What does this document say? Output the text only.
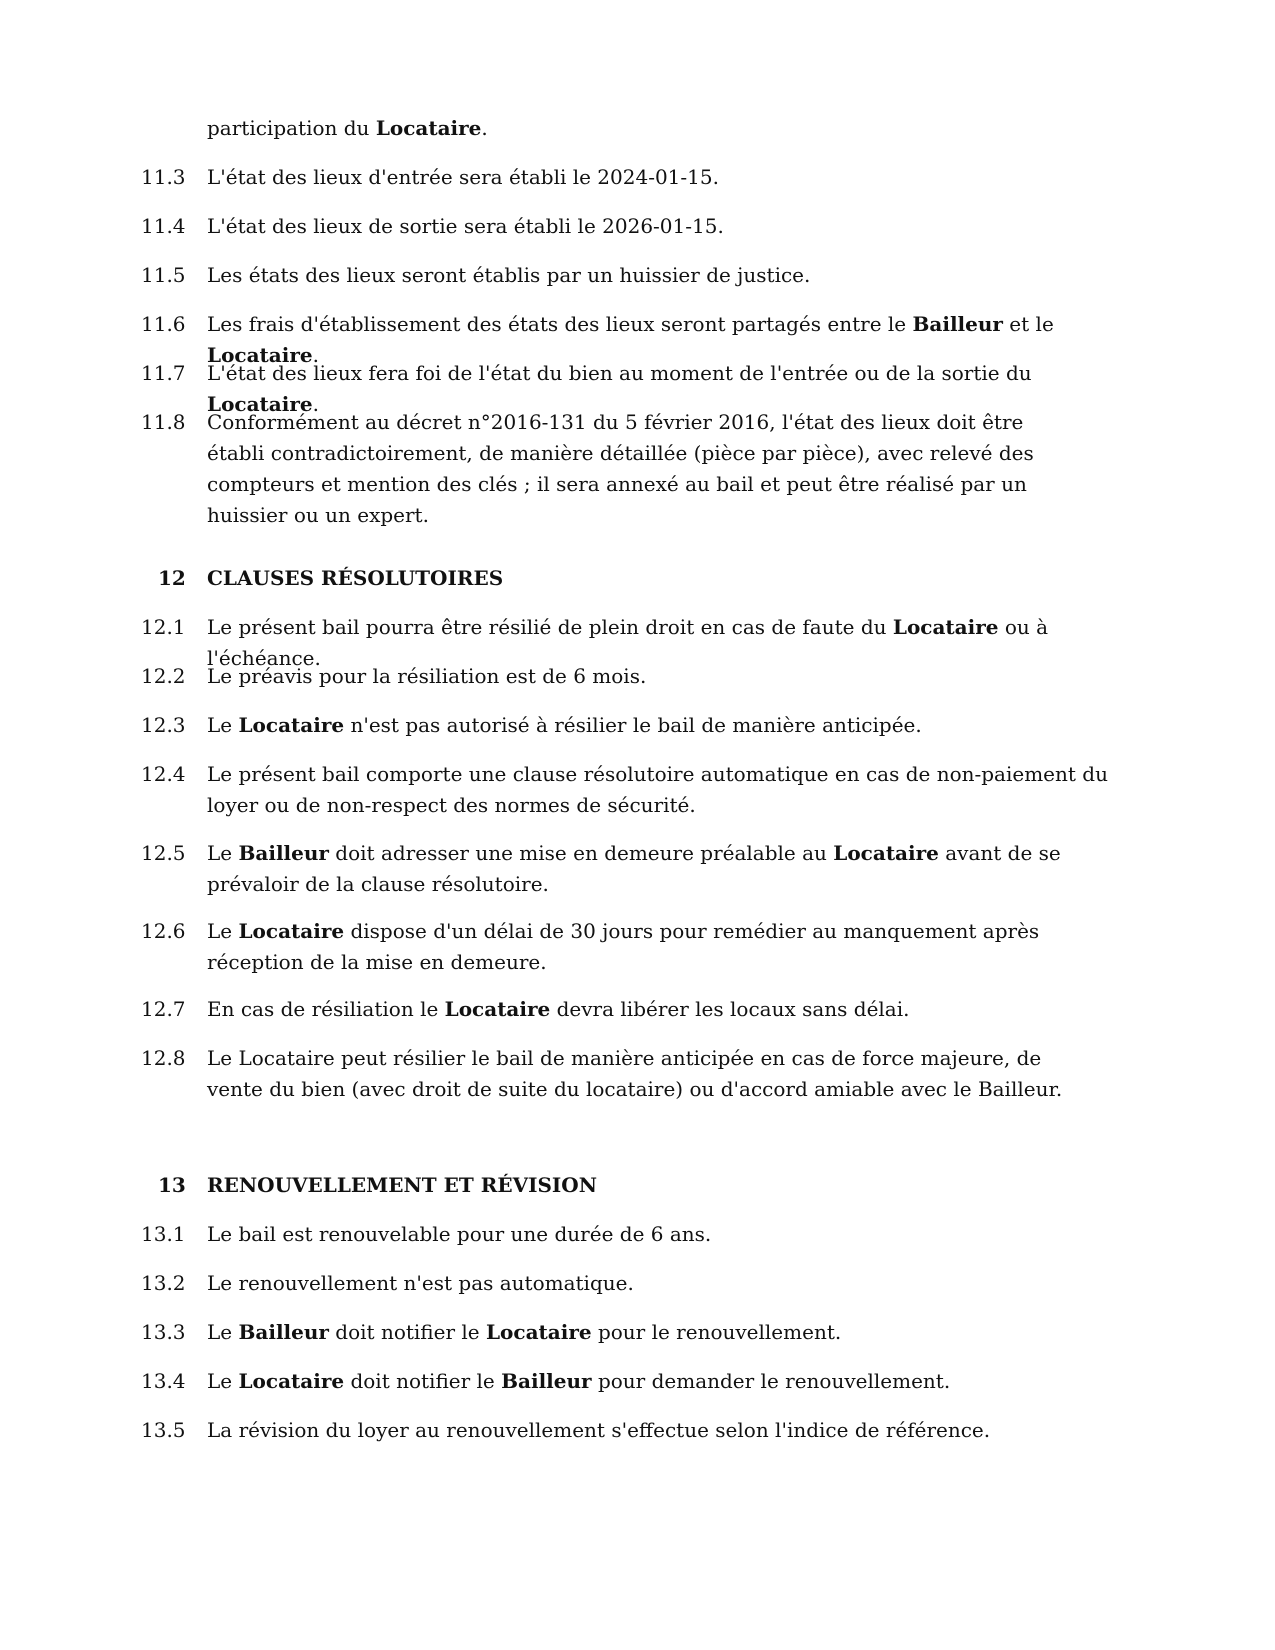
participation du Locataire.
11.3 L'état des lieux d'entrée sera établi le 2024-01-15.
11.4 L'état des lieux de sortie sera établi le 2026-01-15.
11.5 Les états des lieux seront établis par un huissier de justice.
11.6 Les frais d'établissement des états des lieux seront partagés entre le Bailleur et le Locataire.
11.7 L'état des lieux fera foi de l'état du bien au moment de l'entrée ou de la sortie du Locataire.
11.8 Conformément au décret n°2016-131 du 5 février 2016, l'état des lieux doit être établi contradictoirement, de manière détaillée (pièce par pièce), avec relevé des compteurs et mention des clés ; il sera annexé au bail et peut être réalisé par un huissier ou un expert.
12	CLAUSES RÉSOLUTOIRES
12.1 Le présent bail pourra être résilié de plein droit en cas de faute du Locataire ou à l'échéance.
12.2 Le préavis pour la résiliation est de 6 mois.
12.3 Le Locataire n'est pas autorisé à résilier le bail de manière anticipée.
12.4 Le présent bail comporte une clause résolutoire automatique en cas de non-paiement du loyer ou de non-respect des normes de sécurité.
12.5 Le Bailleur doit adresser une mise en demeure préalable au Locataire avant de se prévaloir de la clause résolutoire.
12.6 Le Locataire dispose d'un délai de 30 jours pour remédier au manquement après réception de la mise en demeure.
12.7 En cas de résiliation le Locataire devra libérer les locaux sans délai.
12.8 Le Locataire peut résilier le bail de manière anticipée en cas de force majeure, de vente du bien (avec droit de suite du locataire) ou d'accord amiable avec le Bailleur.
13	RENOUVELLEMENT ET RÉVISION
13.1 Le bail est renouvelable pour une durée de 6 ans.
13.2 Le renouvellement n'est pas automatique.
13.3 Le Bailleur doit notifier le Locataire pour le renouvellement.
13.4 Le Locataire doit notifier le Bailleur pour demander le renouvellement.
13.5 La révision du loyer au renouvellement s'effectue selon l'indice de référence.
